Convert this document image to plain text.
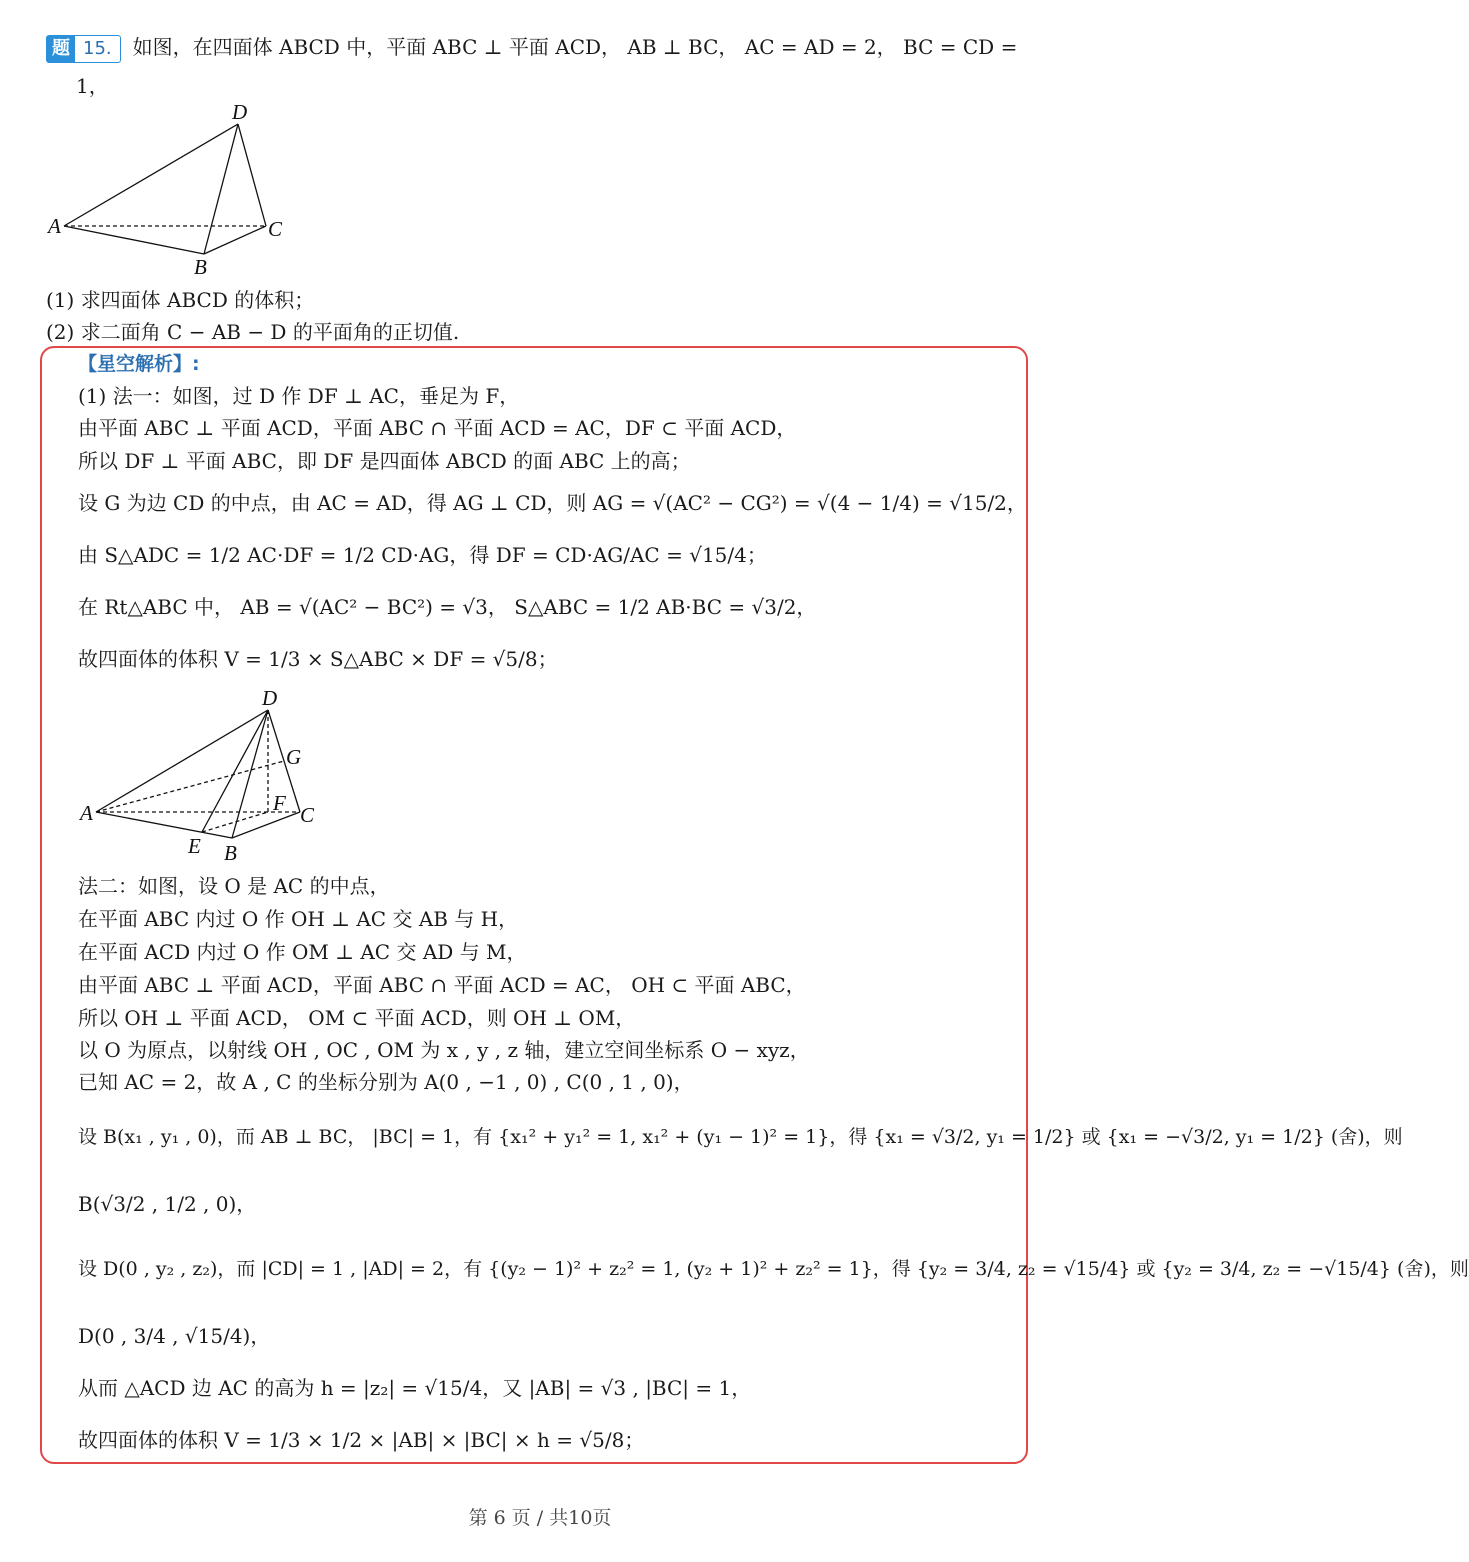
题 15.	如图，在四面体 ABCD 中，平面 ABC ⊥ 平面 ACD， AB ⊥ BC， AC = AD = 2， BC = CD =
1，
D
A	C
B
(1) 求四面体 ABCD 的体积；
(2) 求二面角 C − AB − D 的平面角的正切值.
【星空解析】:
(1) 法一：如图，过 D 作 DF ⊥ AC，垂足为 F，
由平面 ABC ⊥ 平面 ACD，平面 ABC ∩ 平面 ACD = AC，DF ⊂ 平面 ACD，
所以 DF ⊥ 平面 ABC，即 DF 是四面体 ABCD 的面 ABC 上的高；
设 G 为边 CD 的中点，由 AC = AD，得 AG ⊥ CD，则 AG = √(AC² − CG²) = √(4 − 1/4) = √15/2，
由 S△ADC = 1/2 AC·DF = 1/2 CD·AG，得 DF = CD·AG/AC = √15/4；
在 Rt△ABC 中， AB = √(AC² − BC²) = √3， S△ABC = 1/2 AB·BC = √3/2，
故四面体的体积 V = 1/3 × S△ABC × DF = √5/8；
D
G
A	F C
E B
法二：如图，设 O 是 AC 的中点，
在平面 ABC 内过 O 作 OH ⊥ AC 交 AB 与 H，
在平面 ACD 内过 O 作 OM ⊥ AC 交 AD 与 M，
由平面 ABC ⊥ 平面 ACD，平面 ABC ∩ 平面 ACD = AC， OH ⊂ 平面 ABC，
所以 OH ⊥ 平面 ACD， OM ⊂ 平面 ACD，则 OH ⊥ OM，
以 O 为原点，以射线 OH , OC , OM 为 x , y , z 轴，建立空间坐标系 O − xyz，
已知 AC = 2，故 A , C 的坐标分别为 A(0 , −1 , 0) , C(0 , 1 , 0)，
设 B(x₁ , y₁ , 0)，而 AB ⊥ BC， |BC| = 1，有 {x₁² + y₁² = 1, x₁² + (y₁ − 1)² = 1}，得 {x₁ = √3/2, y₁ = 1/2} 或 {x₁ = −√3/2, y₁ = 1/2} (舍)，则
B(√3/2 , 1/2 , 0)，
设 D(0 , y₂ , z₂)，而 |CD| = 1 , |AD| = 2，有 {(y₂ − 1)² + z₂² = 1, (y₂ + 1)² + z₂² = 1}，得 {y₂ = 3/4, z₂ = √15/4} 或 {y₂ = 3/4, z₂ = −√15/4} (舍)，则
D(0 , 3/4 , √15/4)，
从而 △ACD 边 AC 的高为 h = |z₂| = √15/4，又 |AB| = √3 , |BC| = 1，
故四面体的体积 V = 1/3 × 1/2 × |AB| × |BC| × h = √5/8；
第 6 页 / 共10页
